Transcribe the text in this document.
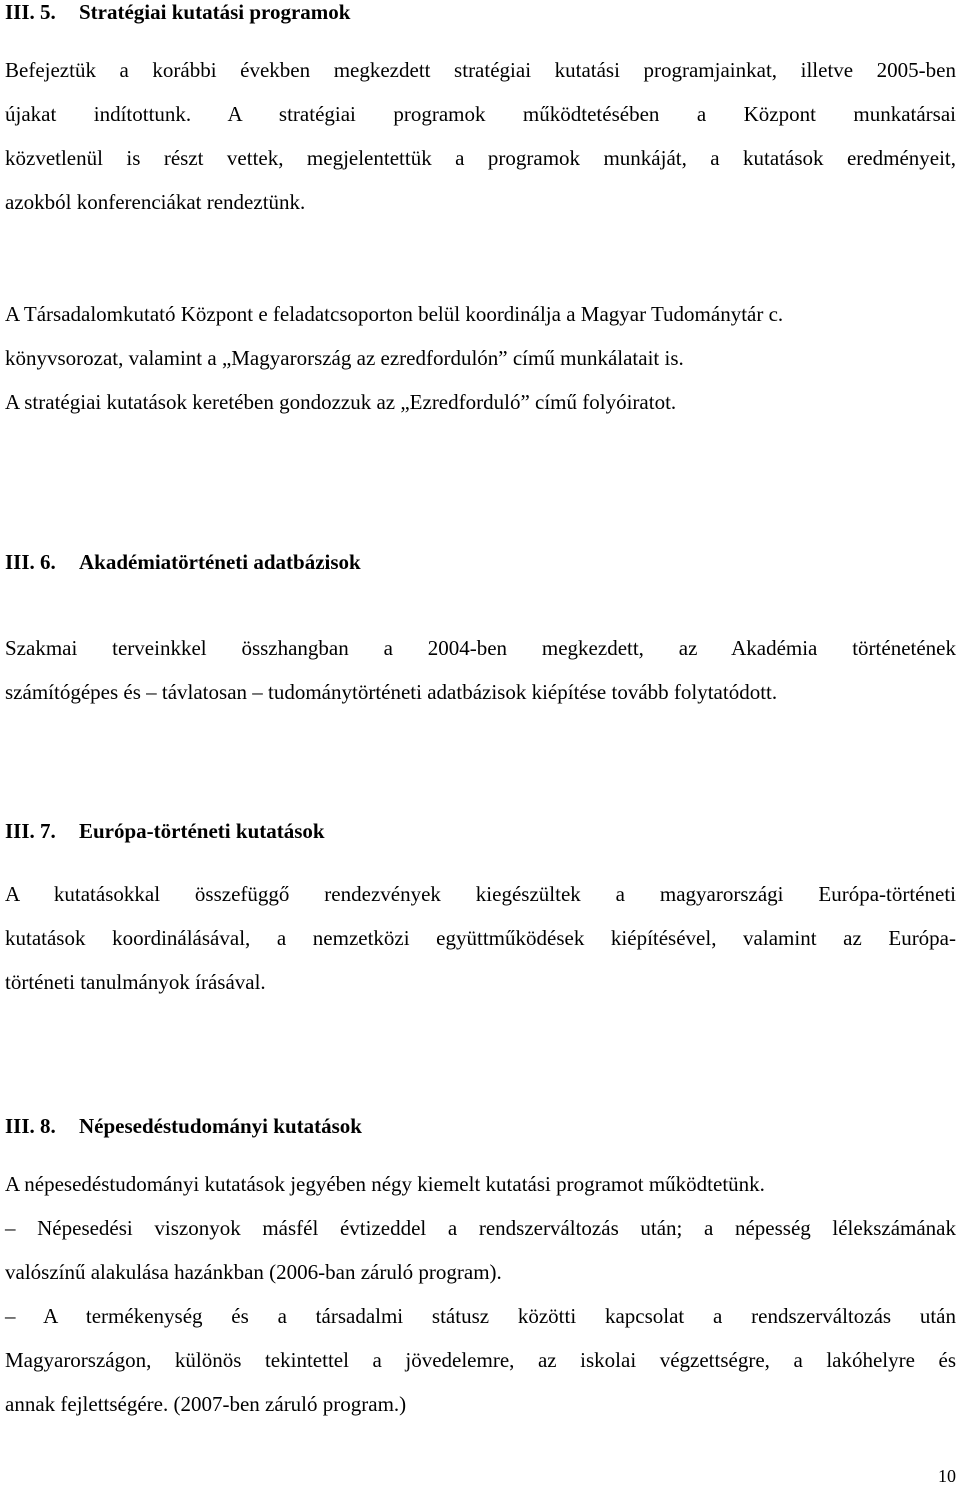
III. 5. Stratégiai kutatási programok

Befejeztük a korábbi években megkezdett stratégiai kutatási programjainkat, illetve 2005-ben
újakat indítottunk. A stratégiai programok működtetésében a Központ munkatársai
közvetlenül is részt vettek, megjelentettük a programok munkáját, a kutatások eredményeit,
azokból konferenciákat rendeztünk.

A Társadalomkutató Központ e feladatcsoporton belül koordinálja a Magyar Tudománytár c.
könyvsorozat, valamint a „Magyarország az ezredfordulón” című munkálatait is.
A stratégiai kutatások keretében gondozzuk az „Ezredforduló” című folyóiratot.

III. 6. Akadémiatörténeti adatbázisok

Szakmai terveinkkel összhangban a 2004-ben megkezdett, az Akadémia történetének
számítógépes és – távlatosan – tudománytörténeti adatbázisok kiépítése tovább folytatódott.

III. 7. Európa-történeti kutatások

A kutatásokkal összefüggő rendezvények kiegészültek a magyarországi Európa-történeti
kutatások koordinálásával, a nemzetközi együttműködések kiépítésével, valamint az Európa-
történeti tanulmányok írásával.

III. 8. Népesedéstudományi kutatások

A népesedéstudományi kutatások jegyében négy kiemelt kutatási programot működtetünk.
– Népesedési viszonyok másfél évtizeddel a rendszerváltozás után; a népesség lélekszámának
valószínű alakulása hazánkban (2006-ban záruló program).
– A termékenység és a társadalmi státusz közötti kapcsolat a rendszerváltozás után
Magyarországon, különös tekintettel a jövedelemre, az iskolai végzettségre, a lakóhelyre és
annak fejlettségére. (2007-ben záruló program.)

10
